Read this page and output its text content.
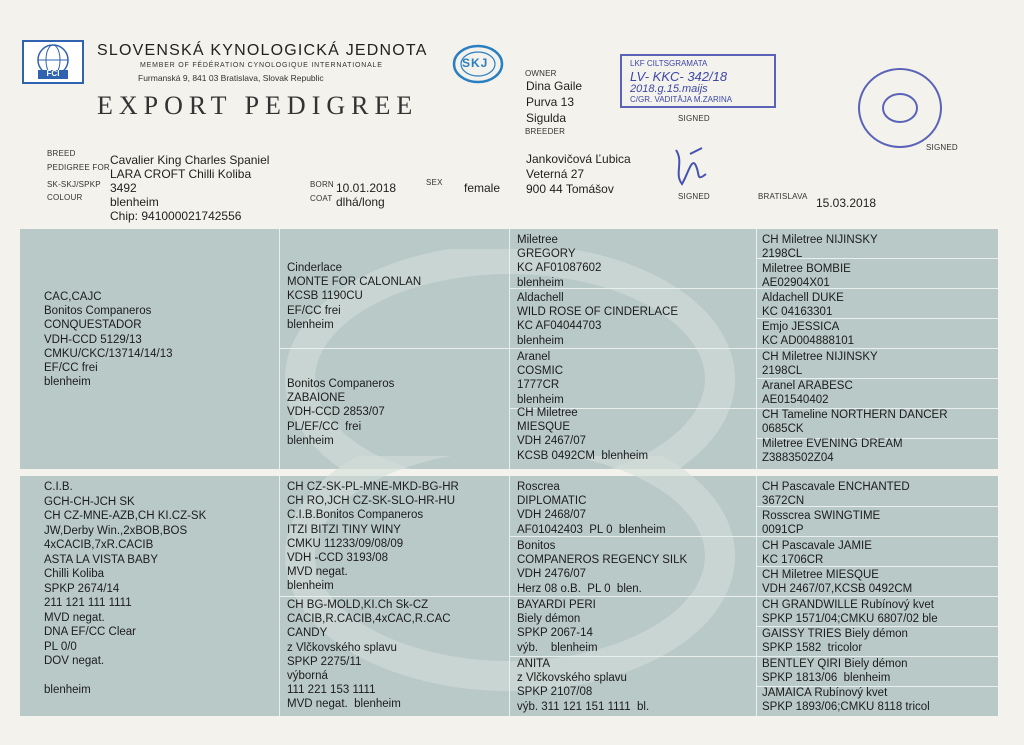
FCI
SLOVENSKÁ KYNOLOGICKÁ JEDNOTA
MEMBER OF FÉDÉRATION CYNOLOGIQUE INTERNATIONALE
Furmanská 9, 841 03 Bratislava, Slovak Republic
EXPORT PEDIGREE
SKJ
OWNER
Dina Gaile
Purva 13
Sigulda
BREEDER
Jankovičová Ľubica
Veterná 27
900 44 Tomášov
LKF CILTSGRAMATA
LV- KKC- 342/18
2018.g.15.maijs
C/GR. VADITĀJA M.ZARINA
SIGNED
SIGNED
SIGNED	BRATISLAVA 15.03.2018
BREED	Cavalier King Charles Spaniel
PEDIGREE FOR LARA CROFT Chilli Koliba
SK-SKJ/SPKP 3492
COLOUR blenheim
Chip: 941000021742556
BORN 10.01.2018
COAT dlhá/long
SEX female
CAC,CAJC
Bonitos Companeros
CONQUESTADOR
VDH-CCD 5129/13
CMKU/CKC/13714/14/13
EF/CC frei
blenheim
Cinderlace
MONTE FOR CALONLAN
KCSB 1190CU
EF/CC frei
blenheim
Bonitos Companeros
ZABAIONE
VDH-CCD 2853/07
PL/EF/CC  frei
blenheim
Miletree
GREGORY
KC AF01087602
blenheim
Aldachell
WILD ROSE OF CINDERLACE
KC AF04044703
blenheim
Aranel
COSMIC
1777CR
blenheim
CH Miletree
MIESQUE
VDH 2467/07
KCSB 0492CM  blenheim
CH Miletree NIJINSKY
2198CL
Miletree BOMBIE
AE02904X01
Aldachell DUKE
KC 04163301
Emjo JESSICA
KC AD004888101
CH Miletree NIJINSKY
2198CL
Aranel ARABESC
AE01540402
CH Tameline NORTHERN DANCER
0685CK
Miletree EVENING DREAM
Z3883502Z04
C.I.B.
GCH-CH-JCH SK
CH CZ-MNE-AZB,CH KI.CZ-SK
JW,Derby Win.,2xBOB,BOS
4xCACIB,7xR.CACIB
ASTA LA VISTA BABY
Chilli Koliba
SPKP 2674/14
211 121 111 1111
MVD negat.
DNA EF/CC Clear
PL 0/0
DOV negat.

blenheim
CH CZ-SK-PL-MNE-MKD-BG-HR
CH RO,JCH CZ-SK-SLO-HR-HU
C.I.B.Bonitos Companeros
ITZI BITZI TINY WINY
CMKU 11233/09/08/09
VDH -CCD 3193/08
MVD negat.
blenheim
CH BG-MOLD,KI.Ch Sk-CZ
CACIB,R.CACIB,4xCAC,R.CAC
CANDY
z Vlčkovského splavu
SPKP 2275/11
výborná
111 221 153 1111
MVD negat.  blenheim
Roscrea
DIPLOMATIC
VDH 2468/07
AF01042403  PL 0  blenheim
Bonitos
COMPANEROS REGENCY SILK
VDH 2476/07
Herz 08 o.B.  PL 0  blen.
BAYARDI PERI
Biely démon
SPKP 2067-14
výb.    blenheim
ANITA
z Vlčkovského splavu
SPKP 2107/08
výb. 311 121 151 1111  bl.
CH Pascavale ENCHANTED
3672CN
Rosscrea SWINGTIME
0091CP
CH Pascavale JAMIE
KC 1706CR
CH Miletree MIESQUE
VDH 2467/07,KCSB 0492CM
CH GRANDWILLE Rubínový kvet
SPKP 1571/04;CMKU 6807/02 ble
GAISSY TRIES Biely démon
SPKP 1582  tricolor
BENTLEY QIRI Biely démon
SPKP 1813/06  blenheim
JAMAICA Rubínový kvet
SPKP 1893/06;CMKU 8118 tricol
